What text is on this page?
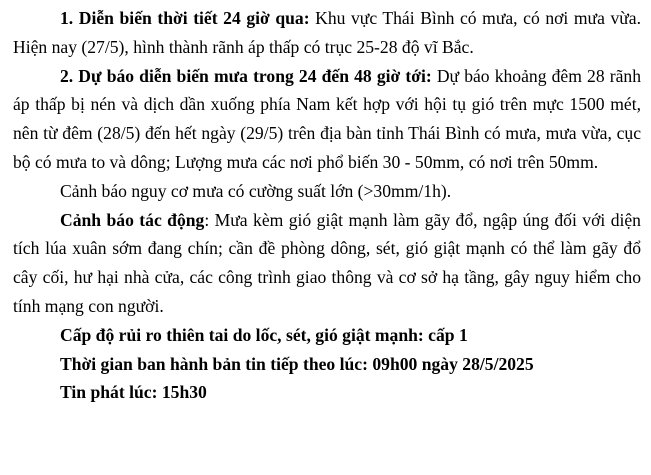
1. Diễn biến thời tiết 24 giờ qua: Khu vực Thái Bình có mưa, có nơi mưa vừa. Hiện nay (27/5), hình thành rãnh áp thấp có trục 25-28 độ vĩ Bắc.

2. Dự báo diễn biến mưa trong 24 đến 48 giờ tới: Dự báo khoảng đêm 28 rãnh áp thấp bị nén và dịch dần xuống phía Nam kết hợp với hội tụ gió trên mực 1500 mét, nên từ đêm (28/5) đến hết ngày (29/5) trên địa bàn tỉnh Thái Bình có mưa, mưa vừa, cục bộ có mưa to và dông; Lượng mưa các nơi phổ biến 30 - 50mm, có nơi trên 50mm.

Cảnh báo nguy cơ mưa có cường suất lớn (>30mm/1h).

Cảnh báo tác động: Mưa kèm gió giật mạnh làm gãy đổ, ngập úng đối với diện tích lúa xuân sớm đang chín; cần đề phòng dông, sét, gió giật mạnh có thể làm gãy đổ cây cối, hư hại nhà cửa, các công trình giao thông và cơ sở hạ tầng, gây nguy hiểm cho tính mạng con người.

Cấp độ rủi ro thiên tai do lốc, sét, gió giật mạnh: cấp 1

Thời gian ban hành bản tin tiếp theo lúc: 09h00 ngày 28/5/2025

Tin phát lúc: 15h30
